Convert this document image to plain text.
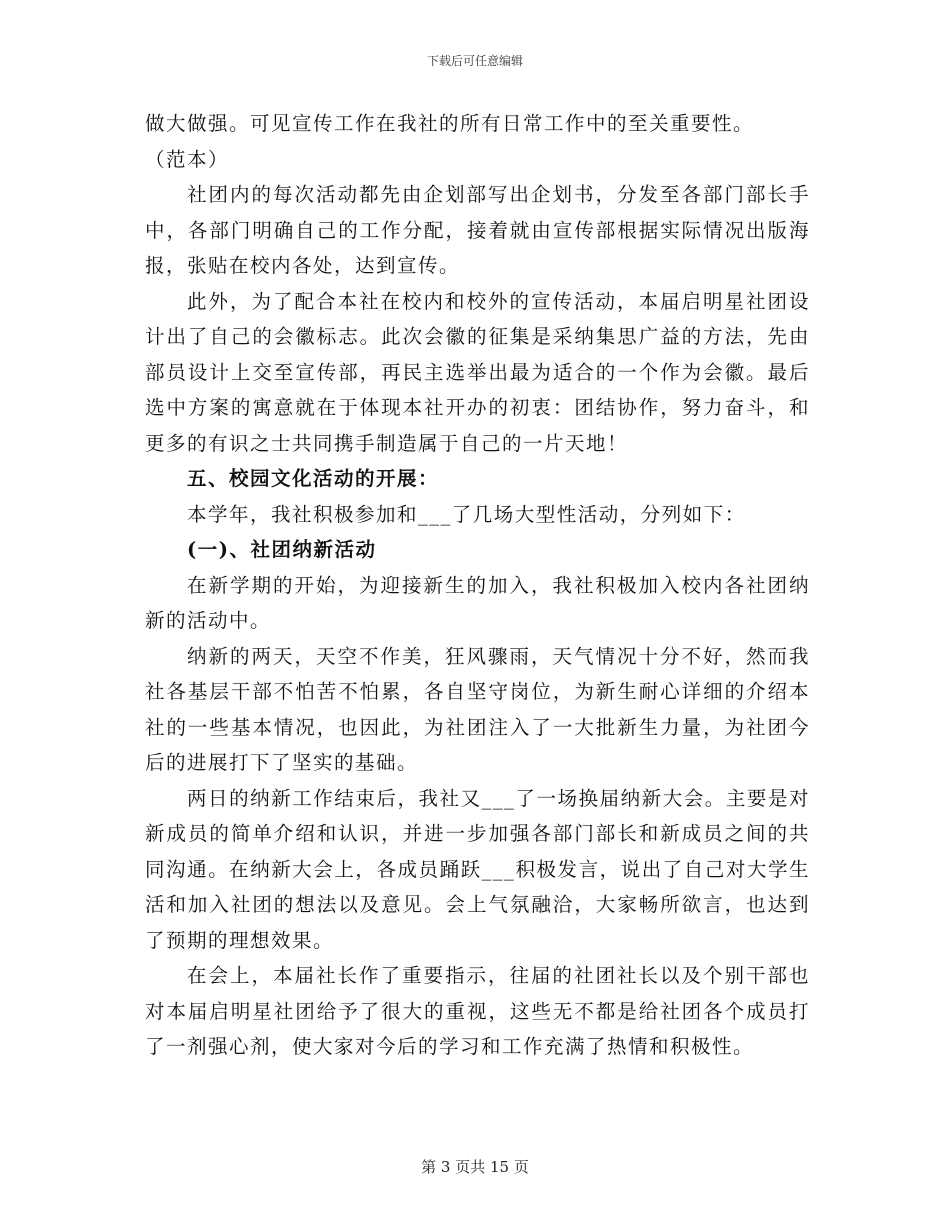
下载后可任意编辑

做大做强。可见宣传工作在我社的所有日常工作中的至关重要性。

（范本）

社团内的每次活动都先由企划部写出企划书，分发至各部门部长手中，各部门明确自己的工作分配，接着就由宣传部根据实际情况出版海报，张贴在校内各处，达到宣传。

此外，为了配合本社在校内和校外的宣传活动，本届启明星社团设计出了自己的会徽标志。此次会徽的征集是采纳集思广益的方法，先由部员设计上交至宣传部，再民主选举出最为适合的一个作为会徽。最后选中方案的寓意就在于体现本社开办的初衷：团结协作，努力奋斗，和更多的有识之士共同携手制造属于自己的一片天地！

五、校园文化活动的开展：

本学年，我社积极参加和___了几场大型性活动，分列如下：

(一)、社团纳新活动

在新学期的开始，为迎接新生的加入，我社积极加入校内各社团纳新的活动中。

纳新的两天，天空不作美，狂风骤雨，天气情况十分不好，然而我社各基层干部不怕苦不怕累，各自坚守岗位，为新生耐心详细的介绍本社的一些基本情况，也因此，为社团注入了一大批新生力量，为社团今后的进展打下了坚实的基础。

两日的纳新工作结束后，我社又___了一场换届纳新大会。主要是对新成员的简单介绍和认识，并进一步加强各部门部长和新成员之间的共同沟通。在纳新大会上，各成员踊跃___积极发言，说出了自己对大学生活和加入社团的想法以及意见。会上气氛融洽，大家畅所欲言，也达到了预期的理想效果。

在会上，本届社长作了重要指示，往届的社团社长以及个别干部也对本届启明星社团给予了很大的重视，这些无不都是给社团各个成员打了一剂强心剂，使大家对今后的学习和工作充满了热情和积极性。

第 3 页共 15 页
